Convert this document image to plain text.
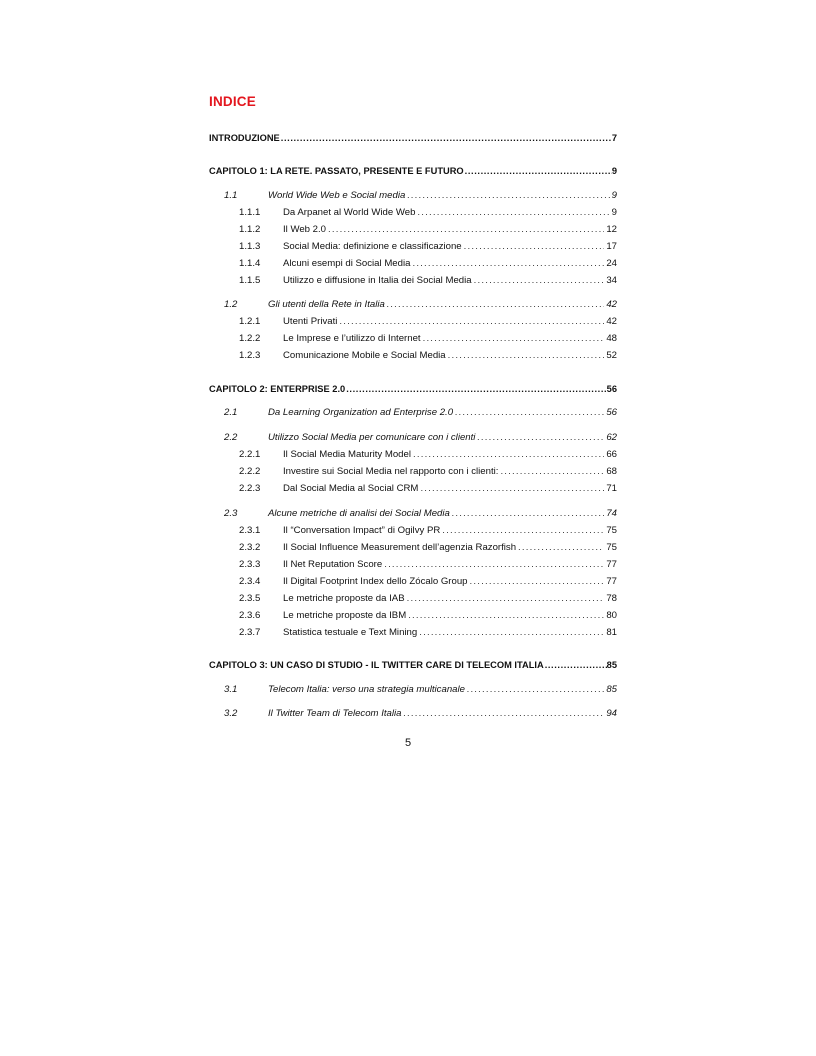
INDICE
INTRODUZIONE .....	7
CAPITOLO 1: LA RETE. PASSATO, PRESENTE E FUTURO .....	9
1.1	World Wide Web e Social media .....	9
1.1.1	Da Arpanet al World Wide Web .....	9
1.1.2	Il Web 2.0 .....	12
1.1.3	Social Media: definizione e classificazione .....	17
1.1.4	Alcuni esempi di Social Media .....	24
1.1.5	Utilizzo e diffusione in Italia dei Social Media .....	34
1.2	Gli utenti della Rete in Italia .....	42
1.2.1	Utenti Privati .....	42
1.2.2	Le Imprese e l’utilizzo di Internet .....	48
1.2.3	Comunicazione Mobile e Social Media .....	52
CAPITOLO 2: ENTERPRISE 2.0 .....	56
2.1	Da Learning Organization ad Enterprise 2.0 .....	56
2.2	Utilizzo Social Media per comunicare con i clienti .....	62
2.2.1	Il Social Media Maturity Model .....	66
2.2.2	Investire sui Social Media nel rapporto con i clienti: .....	68
2.2.3	Dal Social Media al Social CRM .....	71
2.3	Alcune metriche di analisi dei Social Media .....	74
2.3.1	Il “Conversation Impact” di Ogilvy PR .....	75
2.3.2	Il Social Influence Measurement dell’agenzia Razorfish .....	75
2.3.3	Il Net Reputation Score .....	77
2.3.4	Il Digital Footprint Index dello Zócalo Group .....	77
2.3.5	Le metriche proposte da IAB .....	78
2.3.6	Le metriche proposte da IBM .....	80
2.3.7	Statistica testuale e Text Mining .....	81
CAPITOLO 3: UN CASO DI STUDIO - IL TWITTER CARE DI TELECOM ITALIA .....	85
3.1	Telecom Italia: verso una strategia multicanale .....	85
3.2	Il Twitter Team di Telecom Italia .....	94
5
